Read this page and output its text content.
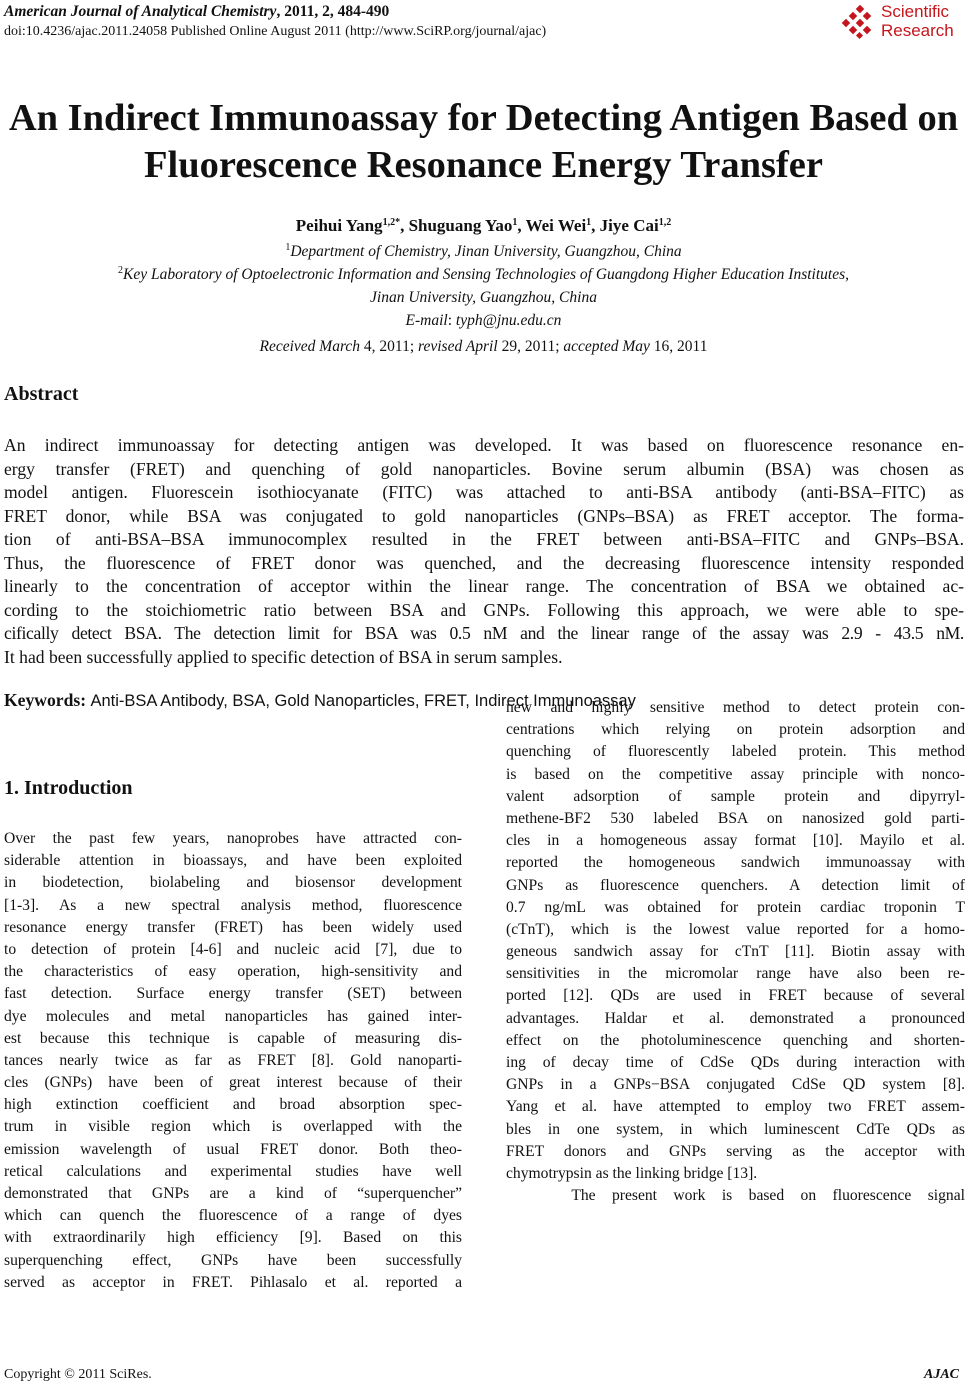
American Journal of Analytical Chemistry, 2011, 2, 484-490
doi:10.4236/ajac.2011.24058 Published Online August 2011 (http://www.SciRP.org/journal/ajac)
Scientific
Research
An Indirect Immunoassay for Detecting Antigen Based on
Fluorescence Resonance Energy Transfer
Peihui Yang$^{1,2*}$, Shuguang Yao$^1$, Wei Wei$^1$, Jiye Cai$^{1,2}$
$^1$Department of Chemistry, Jinan University, Guangzhou, China
$^2$Key Laboratory of Optoelectronic Information and Sensing Technologies of Guangdong Higher Education Institutes,
Jinan University, Guangzhou, China
E-mail: typh@jnu.edu.cn
Received March 4, 2011; revised April 29, 2011; accepted May 16, 2011
Abstract
An indirect immunoassay for detecting antigen was developed. It was based on fluorescence resonance en-
ergy transfer (FRET) and quenching of gold nanoparticles. Bovine serum albumin (BSA) was chosen as
model antigen. Fluorescein isothiocyanate (FITC) was attached to anti-BSA antibody (anti-BSA–FITC) as
FRET donor, while BSA was conjugated to gold nanoparticles (GNPs–BSA) as FRET acceptor. The forma-
tion of anti-BSA–BSA immunocomplex resulted in the FRET between anti-BSA–FITC and GNPs–BSA.
Thus, the fluorescence of FRET donor was quenched, and the decreasing fluorescence intensity responded
linearly to the concentration of acceptor within the linear range. The concentration of BSA we obtained ac-
cording to the stoichiometric ratio between BSA and GNPs. Following this approach, we were able to spe-
cifically detect BSA. The detection limit for BSA was 0.5 nM and the linear range of the assay was 2.9 - 43.5 nM.
It had been successfully applied to specific detection of BSA in serum samples.
Keywords: Anti-BSA Antibody, BSA, Gold Nanoparticles, FRET, Indirect Immunoassay
1. Introduction
Over the past few years, nanoprobes have attracted con-
siderable attention in bioassays, and have been exploited
in biodetection, biolabeling and biosensor development
[1-3]. As a new spectral analysis method, fluorescence
resonance energy transfer (FRET) has been widely used
to detection of protein [4-6] and nucleic acid [7], due to
the characteristics of easy operation, high-sensitivity and
fast detection. Surface energy transfer (SET) between
dye molecules and metal nanoparticles has gained inter-
est because this technique is capable of measuring dis-
tances nearly twice as far as FRET [8]. Gold nanoparti-
cles (GNPs) have been of great interest because of their
high extinction coefficient and broad absorption spec-
trum in visible region which is overlapped with the
emission wavelength of usual FRET donor. Both theo-
retical calculations and experimental studies have well
demonstrated that GNPs are a kind of “superquencher”
which can quench the fluorescence of a range of dyes
with extraordinarily high efficiency [9]. Based on this
superquenching effect, GNPs have been successfully
served as acceptor in FRET. Pihlasalo et al. reported a
new and highly sensitive method to detect protein con-
centrations which relying on protein adsorption and
quenching of fluorescently labeled protein. This method
is based on the competitive assay principle with nonco-
valent adsorption of sample protein and dipyrryl-
methene-BF2 530 labeled BSA on nanosized gold parti-
cles in a homogeneous assay format [10]. Mayilo et al.
reported the homogeneous sandwich immunoassay with
GNPs as fluorescence quenchers. A detection limit of
0.7 ng/mL was obtained for protein cardiac troponin T
(cTnT), which is the lowest value reported for a homo-
geneous sandwich assay for cTnT [11]. Biotin assay with
sensitivities in the micromolar range have also been re-
ported [12]. QDs are used in FRET because of several
advantages. Haldar et al. demonstrated a pronounced
effect on the photoluminescence quenching and shorten-
ing of decay time of CdSe QDs during interaction with
GNPs in a GNPs−BSA conjugated CdSe QD system [8].
Yang et al. have attempted to employ two FRET assem-
bles in one system, in which luminescent CdTe QDs as
FRET donors and GNPs serving as the acceptor with
chymotrypsin as the linking bridge [13].
The present work is based on fluorescence signal
Copyright © 2011 SciRes.	AJAC
